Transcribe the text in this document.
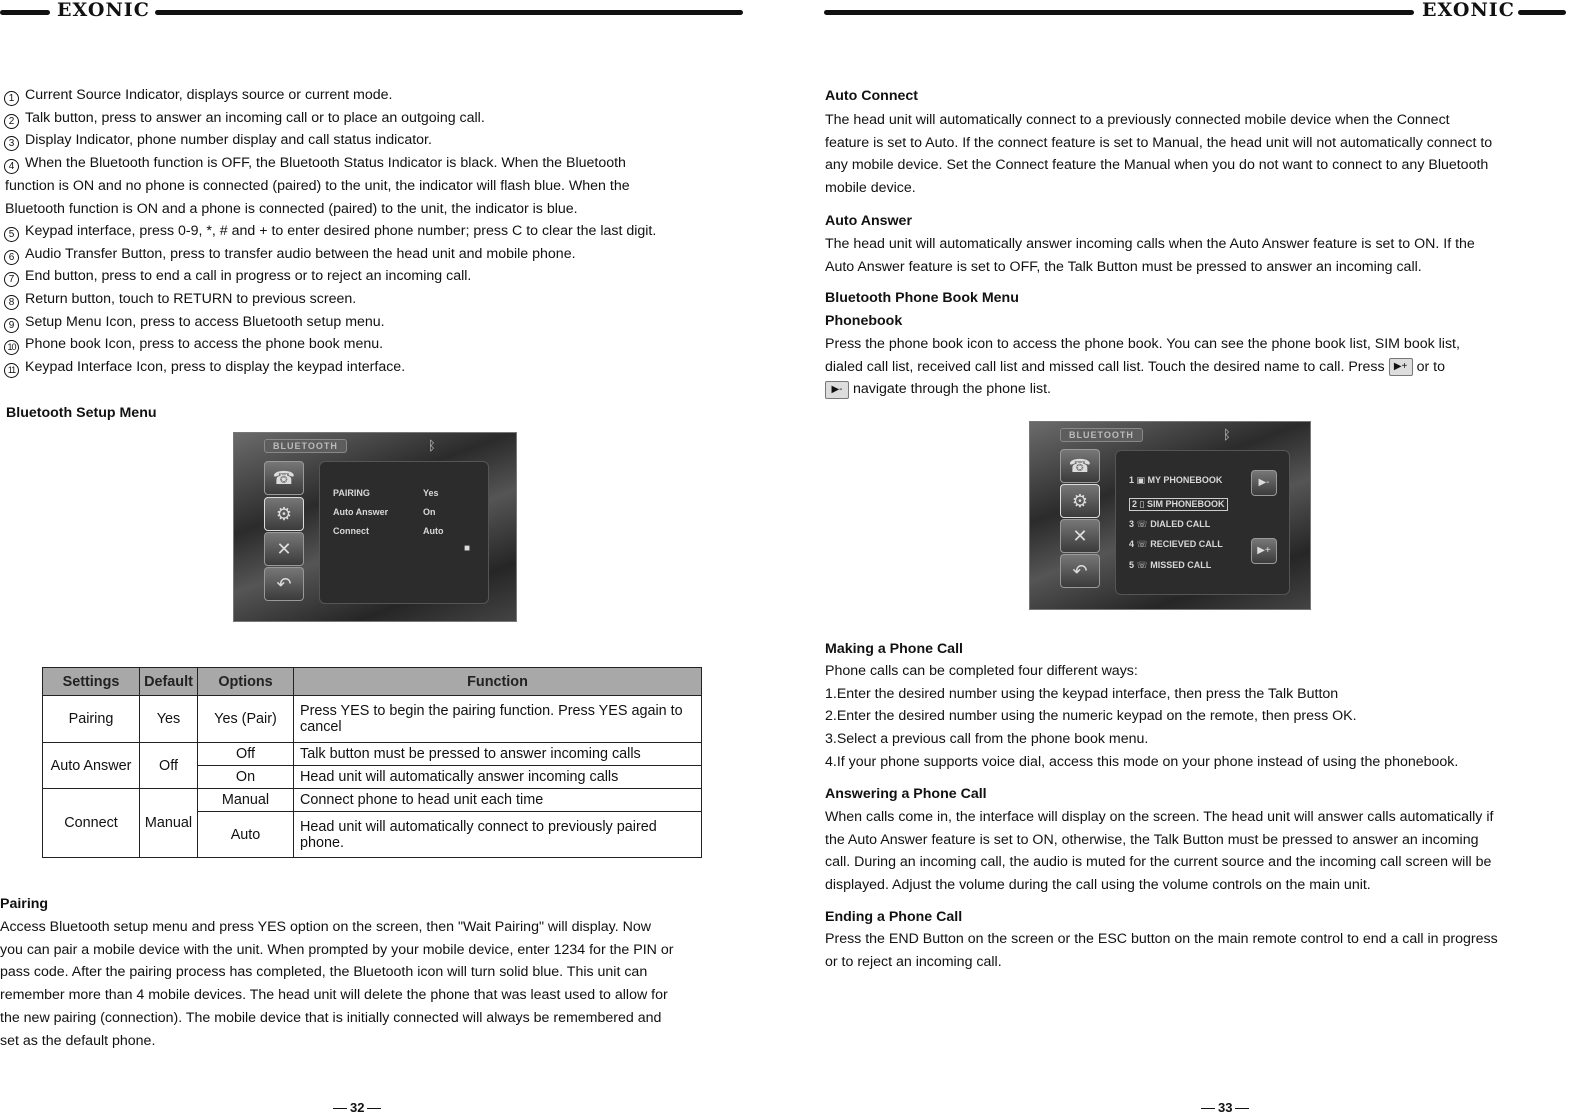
EXONIC
1 Current Source Indicator, displays source or current mode.
2 Talk button, press to answer an incoming call or to place an outgoing call.
3 Display Indicator, phone number display and call status indicator.
4 When the Bluetooth function is OFF, the Bluetooth Status Indicator is black. When the Bluetooth
function is ON and no phone is connected (paired) to the unit, the indicator will flash blue. When the
Bluetooth function is ON and a phone is connected (paired) to the unit, the indicator is blue.
5 Keypad interface, press 0-9, *, # and + to enter desired phone number; press C to clear the last digit.
6 Audio Transfer Button, press to transfer audio between the head unit and mobile phone.
7 End button, press to end a call in progress or to reject an incoming call.
8 Return button, touch to RETURN to previous screen.
9 Setup Menu Icon, press to access Bluetooth setup menu.
10 Phone book Icon, press to access the phone book menu.
11 Keypad Interface Icon, press to display the keypad interface.
Bluetooth Setup Menu
BLUETOOTH	ᛒ
☎
⚙
✕
↶
PAIRING	Yes
Auto Answer	On
Connect	Auto
■
Settings	Default	Options	Function
Pairing	Yes	Yes (Pair)	Press YES to begin the pairing function. Press YES again to cancel
Auto Answer	Off	Off	Talk button must be pressed to answer incoming calls
		On	Head unit will automatically answer incoming calls
Connect	Manual	Manual	Connect phone to head unit each time
		Auto	Head unit will automatically connect to previously paired phone.
Pairing
Access Bluetooth setup menu and press YES option on the screen, then "Wait Pairing" will display. Now
you can pair a mobile device with the unit. When prompted by your mobile device, enter 1234 for the PIN or
pass code. After the pairing process has completed, the Bluetooth icon will turn solid blue. This unit can
remember more than 4 mobile devices. The head unit will delete the phone that was least used to allow for
the new pairing (connection). The mobile device that is initially connected will always be remembered and
set as the default phone.
32
EXONIC
Auto Connect
The head unit will automatically connect to a previously connected mobile device when the Connect
feature is set to Auto. If the connect feature is set to Manual, the head unit will not automatically connect to
any mobile device. Set the Connect feature the Manual when you do not want to connect to any Bluetooth
mobile device.
Auto Answer
The head unit will automatically answer incoming calls when the Auto Answer feature is set to ON. If the
Auto Answer feature is set to OFF, the Talk Button must be pressed to answer an incoming call.
Bluetooth Phone Book Menu
Phonebook
Press the phone book icon to access the phone book. You can see the phone book list, SIM book list,
dialed call list, received call list and missed call list. Touch the desired name to call. Press ▶+ or to
▶- navigate through the phone list.
BLUETOOTH	ᛒ
☎
⚙
✕
↶
1 ▣ MY PHONEBOOK
2 ▯ SIM PHONEBOOK
3 ☏ DIALED CALL
4 ☏ RECIEVED CALL
5 ☏ MISSED CALL
▶-
▶+
Making a Phone Call
Phone calls can be completed four different ways:
1.Enter the desired number using the keypad interface, then press the Talk Button
2.Enter the desired number using the numeric keypad on the remote, then press OK.
3.Select a previous call from the phone book menu.
4.If your phone supports voice dial, access this mode on your phone instead of using the phonebook.
Answering a Phone Call
When calls come in, the interface will display on the screen. The head unit will answer calls automatically if
the Auto Answer feature is set to ON, otherwise, the Talk Button must be pressed to answer an incoming
call. During an incoming call, the audio is muted for the current source and the incoming call screen will be
displayed. Adjust the volume during the call using the volume controls on the main unit.
Ending a Phone Call
Press the END Button on the screen or the ESC button on the main remote control to end a call in progress
or to reject an incoming call.
33
